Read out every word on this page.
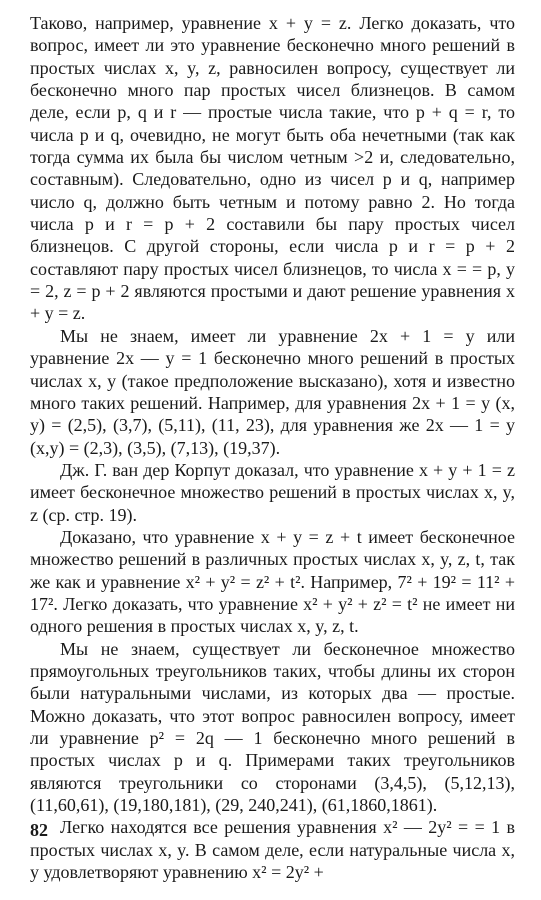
Таково, например, уравнение x + y = z. Легко доказать, что вопрос, имеет ли это уравнение бесконечно много решений в простых числах x, y, z, равносилен вопросу, существует ли бесконечно много пар простых чисел близнецов. В самом деле, если p, q и r — простые числа такие, что p + q = r, то числа p и q, очевидно, не могут быть оба нечетными (так как тогда сумма их была бы числом четным >2 и, следовательно, составным). Следовательно, одно из чисел p и q, например число q, должно быть четным и потому равно 2. Но тогда числа p и r = p + 2 составили бы пару простых чисел близнецов. С другой стороны, если числа p и r = p + 2 составляют пару простых чисел близнецов, то числа x = = p, y = 2, z = p + 2 являются простыми и дают решение уравнения x + y = z.

Мы не знаем, имеет ли уравнение 2x + 1 = y или уравнение 2x — y = 1 бесконечно много решений в простых числах x, y (такое предположение высказано), хотя и известно много таких решений. Например, для уравнения 2x + 1 = y (x, y) = (2,5), (3,7), (5,11), (11, 23), для уравнения же 2x — 1 = y (x,y) = (2,3), (3,5), (7,13), (19,37).

Дж. Г. ван дер Корпут доказал, что уравнение x + y + 1 = z имеет бесконечное множество решений в простых числах x, y, z (ср. стр. 19).

Доказано, что уравнение x + y = z + t имеет бесконечное множество решений в различных простых числах x, y, z, t, так же как и уравнение x² + y² = z² + t². Например, 7² + 19² = 11² + 17². Легко доказать, что уравнение x² + y² + z² = t² не имеет ни одного решения в простых числах x, y, z, t.

Мы не знаем, существует ли бесконечное множество прямоугольных треугольников таких, чтобы длины их сторон были натуральными числами, из которых два — простые. Можно доказать, что этот вопрос равносилен вопросу, имеет ли уравнение p² = 2q — 1 бесконечно много решений в простых числах p и q. Примерами таких треугольников являются треугольники со сторонами (3,4,5), (5,12,13), (11,60,61), (19,180,181), (29, 240,241), (61,1860,1861).

Легко находятся все решения уравнения x² — 2y² = = 1 в простых числах x, y. В самом деле, если натуральные числа x, y удовлетворяют уравнению x² = 2y² +

82
